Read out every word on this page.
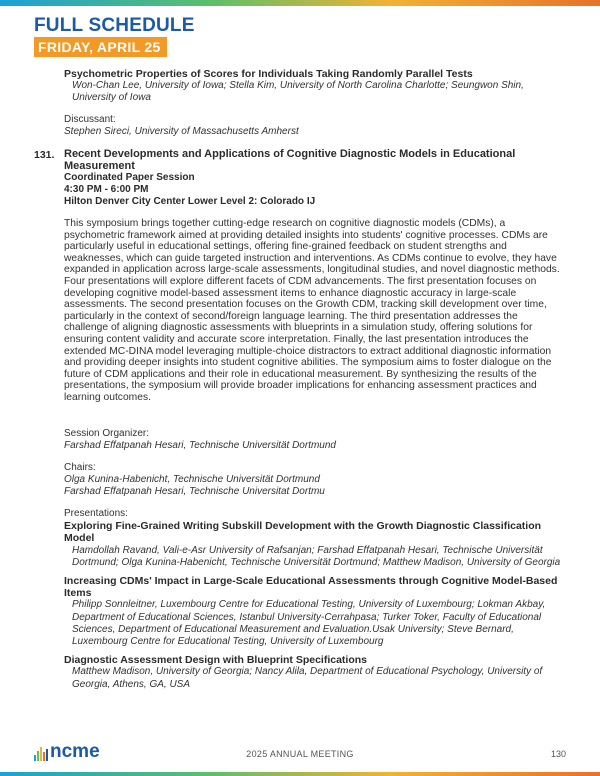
FULL SCHEDULE
FRIDAY, APRIL 25
Psychometric Properties of Scores for Individuals Taking Randomly Parallel Tests
Won-Chan Lee, University of Iowa; Stella Kim, University of North Carolina Charlotte; Seungwon Shin, University of Iowa
Discussant:
Stephen Sireci, University of Massachusetts Amherst
131. Recent Developments and Applications of Cognitive Diagnostic Models in Educational Measurement
Coordinated Paper Session
4:30 PM - 6:00 PM
Hilton Denver City Center Lower Level 2: Colorado IJ
This symposium brings together cutting-edge research on cognitive diagnostic models (CDMs), a psychometric framework aimed at providing detailed insights into students' cognitive processes. CDMs are particularly useful in educational settings, offering fine-grained feedback on student strengths and weaknesses, which can guide targeted instruction and interventions. As CDMs continue to evolve, they have expanded in application across large-scale assessments, longitudinal studies, and novel diagnostic methods. Four presentations will explore different facets of CDM advancements. The first presentation focuses on developing cognitive model-based assessment items to enhance diagnostic accuracy in large-scale assessments. The second presentation focuses on the Growth CDM, tracking skill development over time, particularly in the context of second/foreign language learning. The third presentation addresses the challenge of aligning diagnostic assessments with blueprints in a simulation study, offering solutions for ensuring content validity and accurate score interpretation. Finally, the last presentation introduces the extended MC-DINA model leveraging multiple-choice distractors to extract additional diagnostic information and providing deeper insights into student cognitive abilities. The symposium aims to foster dialogue on the future of CDM applications and their role in educational measurement. By synthesizing the results of the presentations, the symposium will provide broader implications for enhancing assessment practices and learning outcomes.
Session Organizer:
Farshad Effatpanah Hesari, Technische Universität Dortmund
Chairs:
Olga Kunina-Habenicht, Technische Universität Dortmund
Farshad Effatpanah Hesari, Technische Universitat Dortmu
Presentations:
Exploring Fine-Grained Writing Subskill Development with the Growth Diagnostic Classification Model
Hamdollah Ravand, Vali-e-Asr University of Rafsanjan; Farshad Effatpanah Hesari, Technische Universität Dortmund; Olga Kunina-Habenicht, Technische Universität Dortmund; Matthew Madison, University of Georgia
Increasing CDMs' Impact in Large-Scale Educational Assessments through Cognitive Model-Based Items
Philipp Sonnleitner, Luxembourg Centre for Educational Testing, University of Luxembourg; Lokman Akbay, Department of Educational Sciences, Istanbul University-Cerrahpasa; Turker Toker, Faculty of Educational Sciences, Department of Educational Measurement and Evaluation.Usak University; Steve Bernard, Luxembourg Centre for Educational Testing, University of Luxembourg
Diagnostic Assessment Design with Blueprint Specifications
Matthew Madison, University of Georgia; Nancy Alila, Department of Educational Psychology, University of Georgia, Athens, GA, USA
ncme	2025 ANNUAL MEETING	130
